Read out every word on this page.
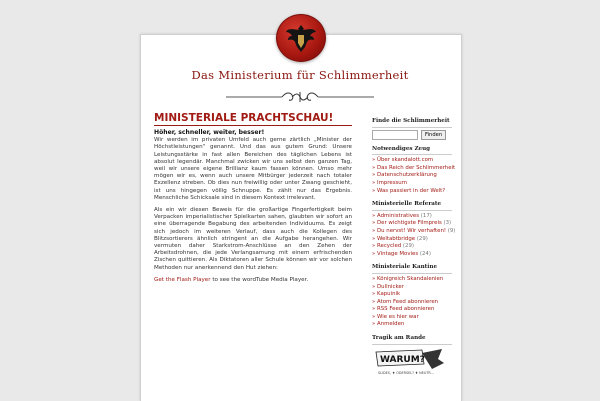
Das Ministerium für Schlimmerheit
MINISTERIALE PRACHTSCHAU!

Höher, schneller, weiter, besser!
Wir werden im privaten Umfeld auch gerne zärtlich „Minister der Höchstleistungen" genannt. Und das aus gutem Grund: Unsere Leistungsstärke in fast allen Bereichen des täglichen Lebens ist absolut legendär. Manchmal zwicken wir uns selbst den ganzen Tag, weil wir unsere eigene Brillianz kaum fassen können. Umso mehr mögen wir es, wenn auch unsere Mitbürger jederzeit nach totaler Exzellenz streben. Ob dies nun freiwillig oder unter Zwang geschieht, ist uns hingegen völlig Schnuppe. Es zählt nur das Ergebnis. Menschliche Schicksale sind in diesem Kontext irrelevant.

Als ein wir diesen Beweis für die großartige Fingerfertigkeit beim Verpacken imperialistischer Spielkarten sahen, glaubten wir sofort an eine überragende Begabung des arbeitenden Individuums. Es zeigt sich jedoch im weiteren Verlauf, dass auch die Kollegen des Blitzsortierers ähnlich stringent an die Aufgabe herangehen. Wir vermuten daher Starkstrom-Anschlüsse an den Zehen der Arbeitsdrohnen, die jede Verlangsamung mit einem erfrischenden Zischen quittieren. Als Diktatoren aller Schule können wir vor solchen Methoden nur anerkennend den Hut ziehen:

Get the Flash Player to see the wordTube Media Player.

Finde die Schlimmerheit
Finden
Notwendiges Zeug
» Über skandalott.com
» Das Reich der Schlimmerheit
» Datenschutzerklärung
» Impressum
» Was passiert in der Welt?
Ministerielle Referate
» Administratives (17)
» Der wichtigste Filmpreis (3)
» Du nervst! Wir verhaften! (9)
» Weltabtbridge (29)
» Recycled (29)
» Vintage Movies (24)
Ministeriale Kantine
» Königreich Skandalenien
» Dullnicker
» Kapuinik
» Atom Feed abonnieren
» RSS Feed abonnieren
» Wie es hier war
» Anmelden
Tragik am Rande
WARUM?
SLIDES, ♦ ODERSEL? ♦ NEUTR...
